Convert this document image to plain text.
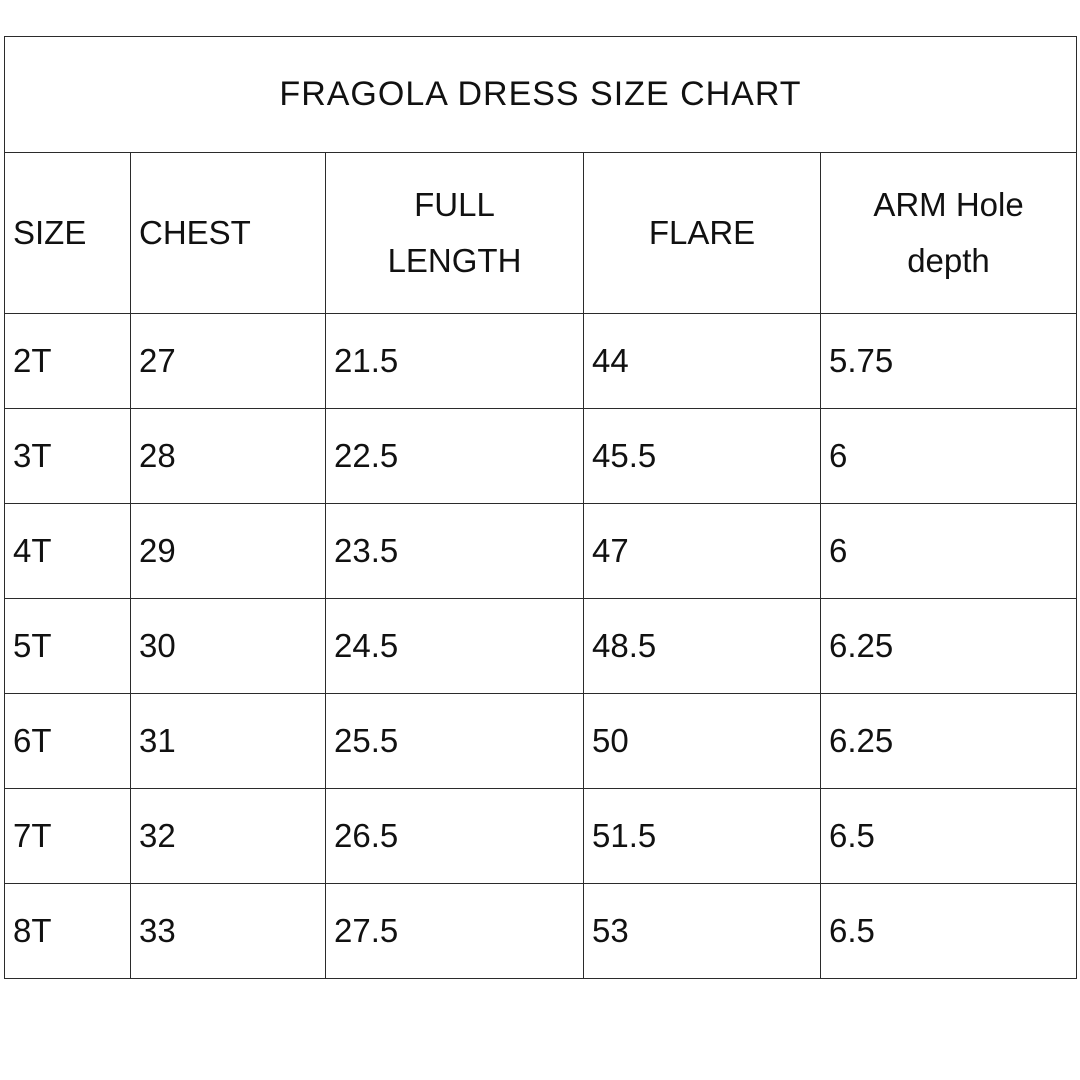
FRAGOLA DRESS SIZE CHART				
SIZE	CHEST	FULL LENGTH	FLARE	ARM Hole depth
2T	27	21.5	44	5.75
3T	28	22.5	45.5	6
4T	29	23.5	47	6
5T	30	24.5	48.5	6.25
6T	31	25.5	50	6.25
7T	32	26.5	51.5	6.5
8T	33	27.5	53	6.5
